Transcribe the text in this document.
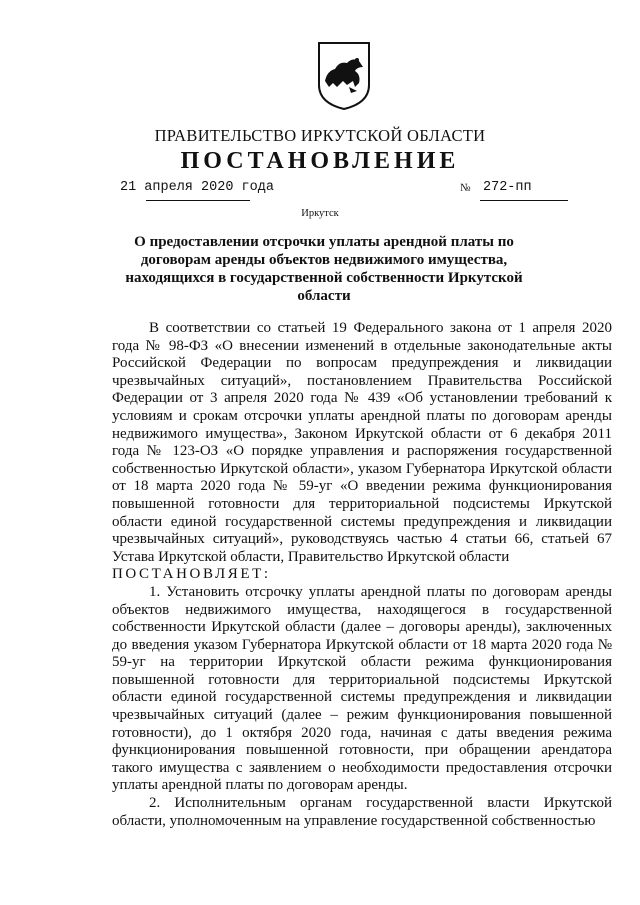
ПРАВИТЕЛЬСТВО ИРКУТСКОЙ ОБЛАСТИ
ПОСТАНОВЛЕНИЕ
21 апреля 2020 года	№ 272-пп
Иркутск
О предоставлении отсрочки уплаты арендной платы по договорам аренды объектов недвижимого имущества, находящихся в государственной собственности Иркутской области

В соответствии со статьей 19 Федерального закона от 1 апреля 2020 года № 98-ФЗ «О внесении изменений в отдельные законодательные акты Российской Федерации по вопросам предупреждения и ликвидации чрезвычайных ситуаций», постановлением Правительства Российской Федерации от 3 апреля 2020 года № 439 «Об установлении требований к условиям и срокам отсрочки уплаты арендной платы по договорам аренды недвижимого имущества», Законом Иркутской области от 6 декабря 2011 года № 123-ОЗ «О порядке управления и распоряжения государственной собственностью Иркутской области», указом Губернатора Иркутской области от 18 марта 2020 года № 59-уг «О введении режима функционирования повышенной готовности для территориальной подсистемы Иркутской области единой государственной системы предупреждения и ликвидации чрезвычайных ситуаций», руководствуясь частью 4 статьи 66, статьей 67 Устава Иркутской области, Правительство Иркутской области

ПОСТАНОВЛЯЕТ:

1. Установить отсрочку уплаты арендной платы по договорам аренды объектов недвижимого имущества, находящегося в государственной собственности Иркутской области (далее – договоры аренды), заключенных до введения указом Губернатора Иркутской области от 18 марта 2020 года № 59-уг на территории Иркутской области режима функционирования повышенной готовности для территориальной подсистемы Иркутской области единой государственной системы предупреждения и ликвидации чрезвычайных ситуаций (далее – режим функционирования повышенной готовности), до 1 октября 2020 года, начиная с даты введения режима функционирования повышенной готовности, при обращении арендатора такого имущества с заявлением о необходимости предоставления отсрочки уплаты арендной платы по договорам аренды.

2. Исполнительным органам государственной власти Иркутской области, уполномоченным на управление государственной собственностью
